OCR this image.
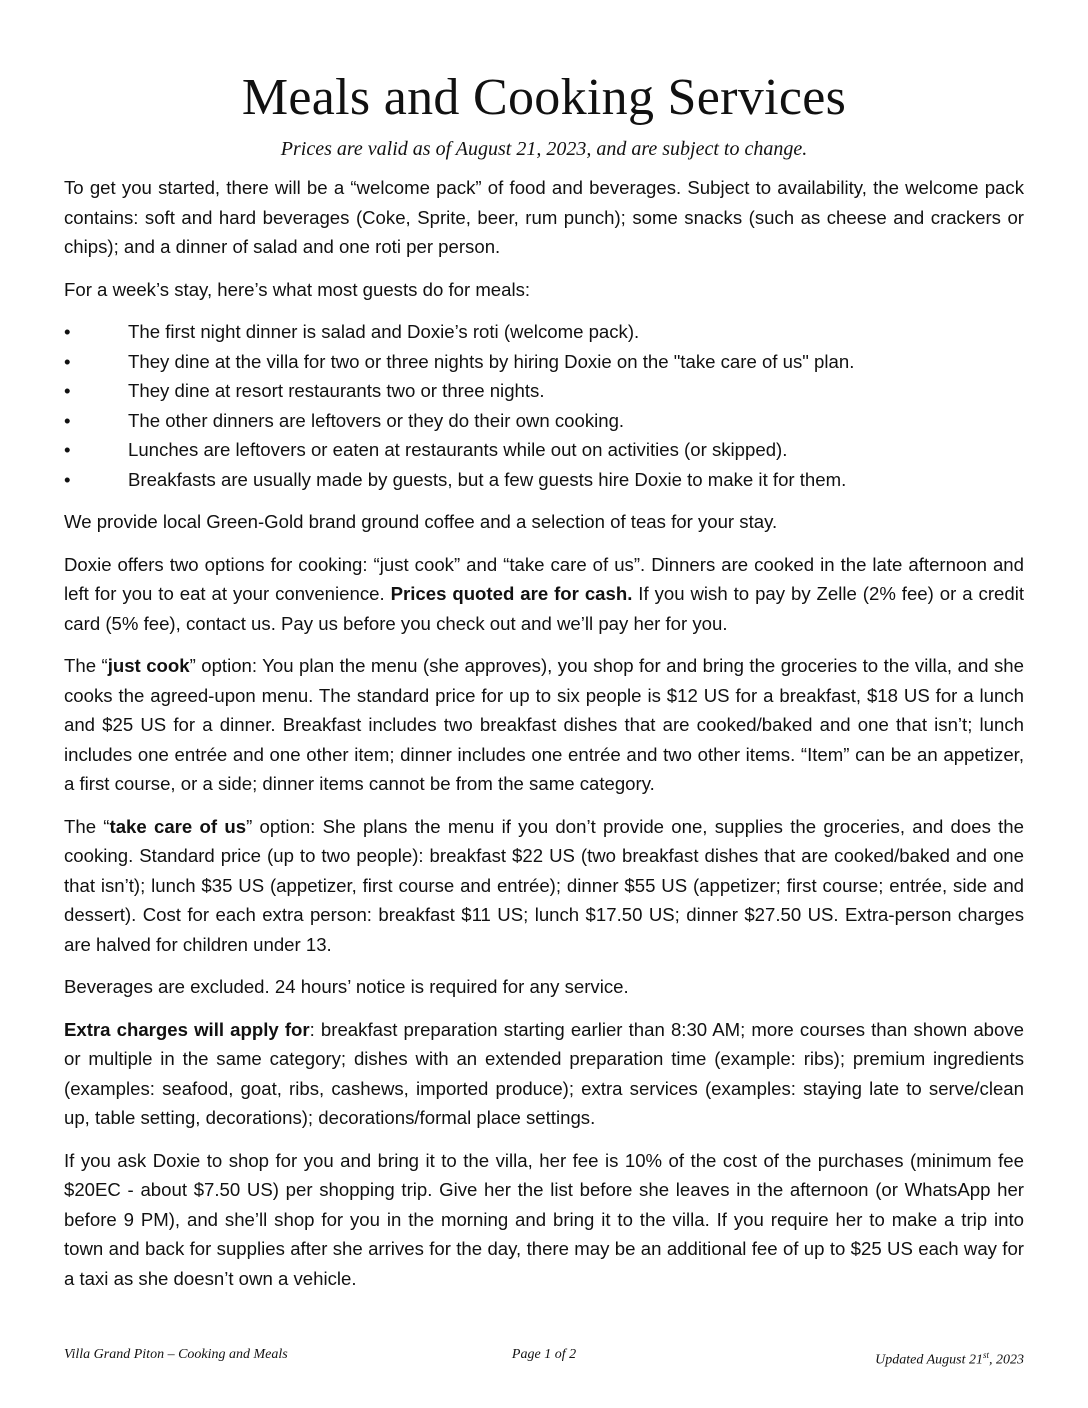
Meals and Cooking Services
Prices are valid as of August 21, 2023, and are subject to change.

To get you started, there will be a “welcome pack” of food and beverages. Subject to availability, the welcome pack contains: soft and hard beverages (Coke, Sprite, beer, rum punch); some snacks (such as cheese and crackers or chips); and a dinner of salad and one roti per person.

For a week’s stay, here’s what most guests do for meals:

•	The first night dinner is salad and Doxie’s roti (welcome pack).
•	They dine at the villa for two or three nights by hiring Doxie on the "take care of us" plan.
•	They dine at resort restaurants two or three nights.
•	The other dinners are leftovers or they do their own cooking.
•	Lunches are leftovers or eaten at restaurants while out on activities (or skipped).
•	Breakfasts are usually made by guests, but a few guests hire Doxie to make it for them.

We provide local Green-Gold brand ground coffee and a selection of teas for your stay.

Doxie offers two options for cooking: “just cook” and “take care of us”. Dinners are cooked in the late afternoon and left for you to eat at your convenience. Prices quoted are for cash. If you wish to pay by Zelle (2% fee) or a credit card (5% fee), contact us. Pay us before you check out and we’ll pay her for you.

The “just cook” option: You plan the menu (she approves), you shop for and bring the groceries to the villa, and she cooks the agreed-upon menu. The standard price for up to six people is $12 US for a breakfast, $18 US for a lunch and $25 US for a dinner. Breakfast includes two breakfast dishes that are cooked/baked and one that isn’t; lunch includes one entrée and one other item; dinner includes one entrée and two other items. “Item” can be an appetizer, a first course, or a side; dinner items cannot be from the same category.

The “take care of us” option: She plans the menu if you don’t provide one, supplies the groceries, and does the cooking. Standard price (up to two people): breakfast $22 US (two breakfast dishes that are cooked/baked and one that isn’t); lunch $35 US (appetizer, first course and entrée); dinner $55 US (appetizer; first course; entrée, side and dessert). Cost for each extra person: breakfast $11 US; lunch $17.50 US; dinner $27.50 US. Extra-person charges are halved for children under 13.

Beverages are excluded. 24 hours’ notice is required for any service.

Extra charges will apply for: breakfast preparation starting earlier than 8:30 AM; more courses than shown above or multiple in the same category; dishes with an extended preparation time (example: ribs); premium ingredients (examples: seafood, goat, ribs, cashews, imported produce); extra services (examples: staying late to serve/clean up, table setting, decorations); decorations/formal place settings.

If you ask Doxie to shop for you and bring it to the villa, her fee is 10% of the cost of the purchases (minimum fee $20EC - about $7.50 US) per shopping trip. Give her the list before she leaves in the afternoon (or WhatsApp her before 9 PM), and she’ll shop for you in the morning and bring it to the villa. If you require her to make a trip into town and back for supplies after she arrives for the day, there may be an additional fee of up to $25 US each way for a taxi as she doesn’t own a vehicle.

Villa Grand Piton – Cooking and Meals	Page 1 of 2	Updated August 21st, 2023
